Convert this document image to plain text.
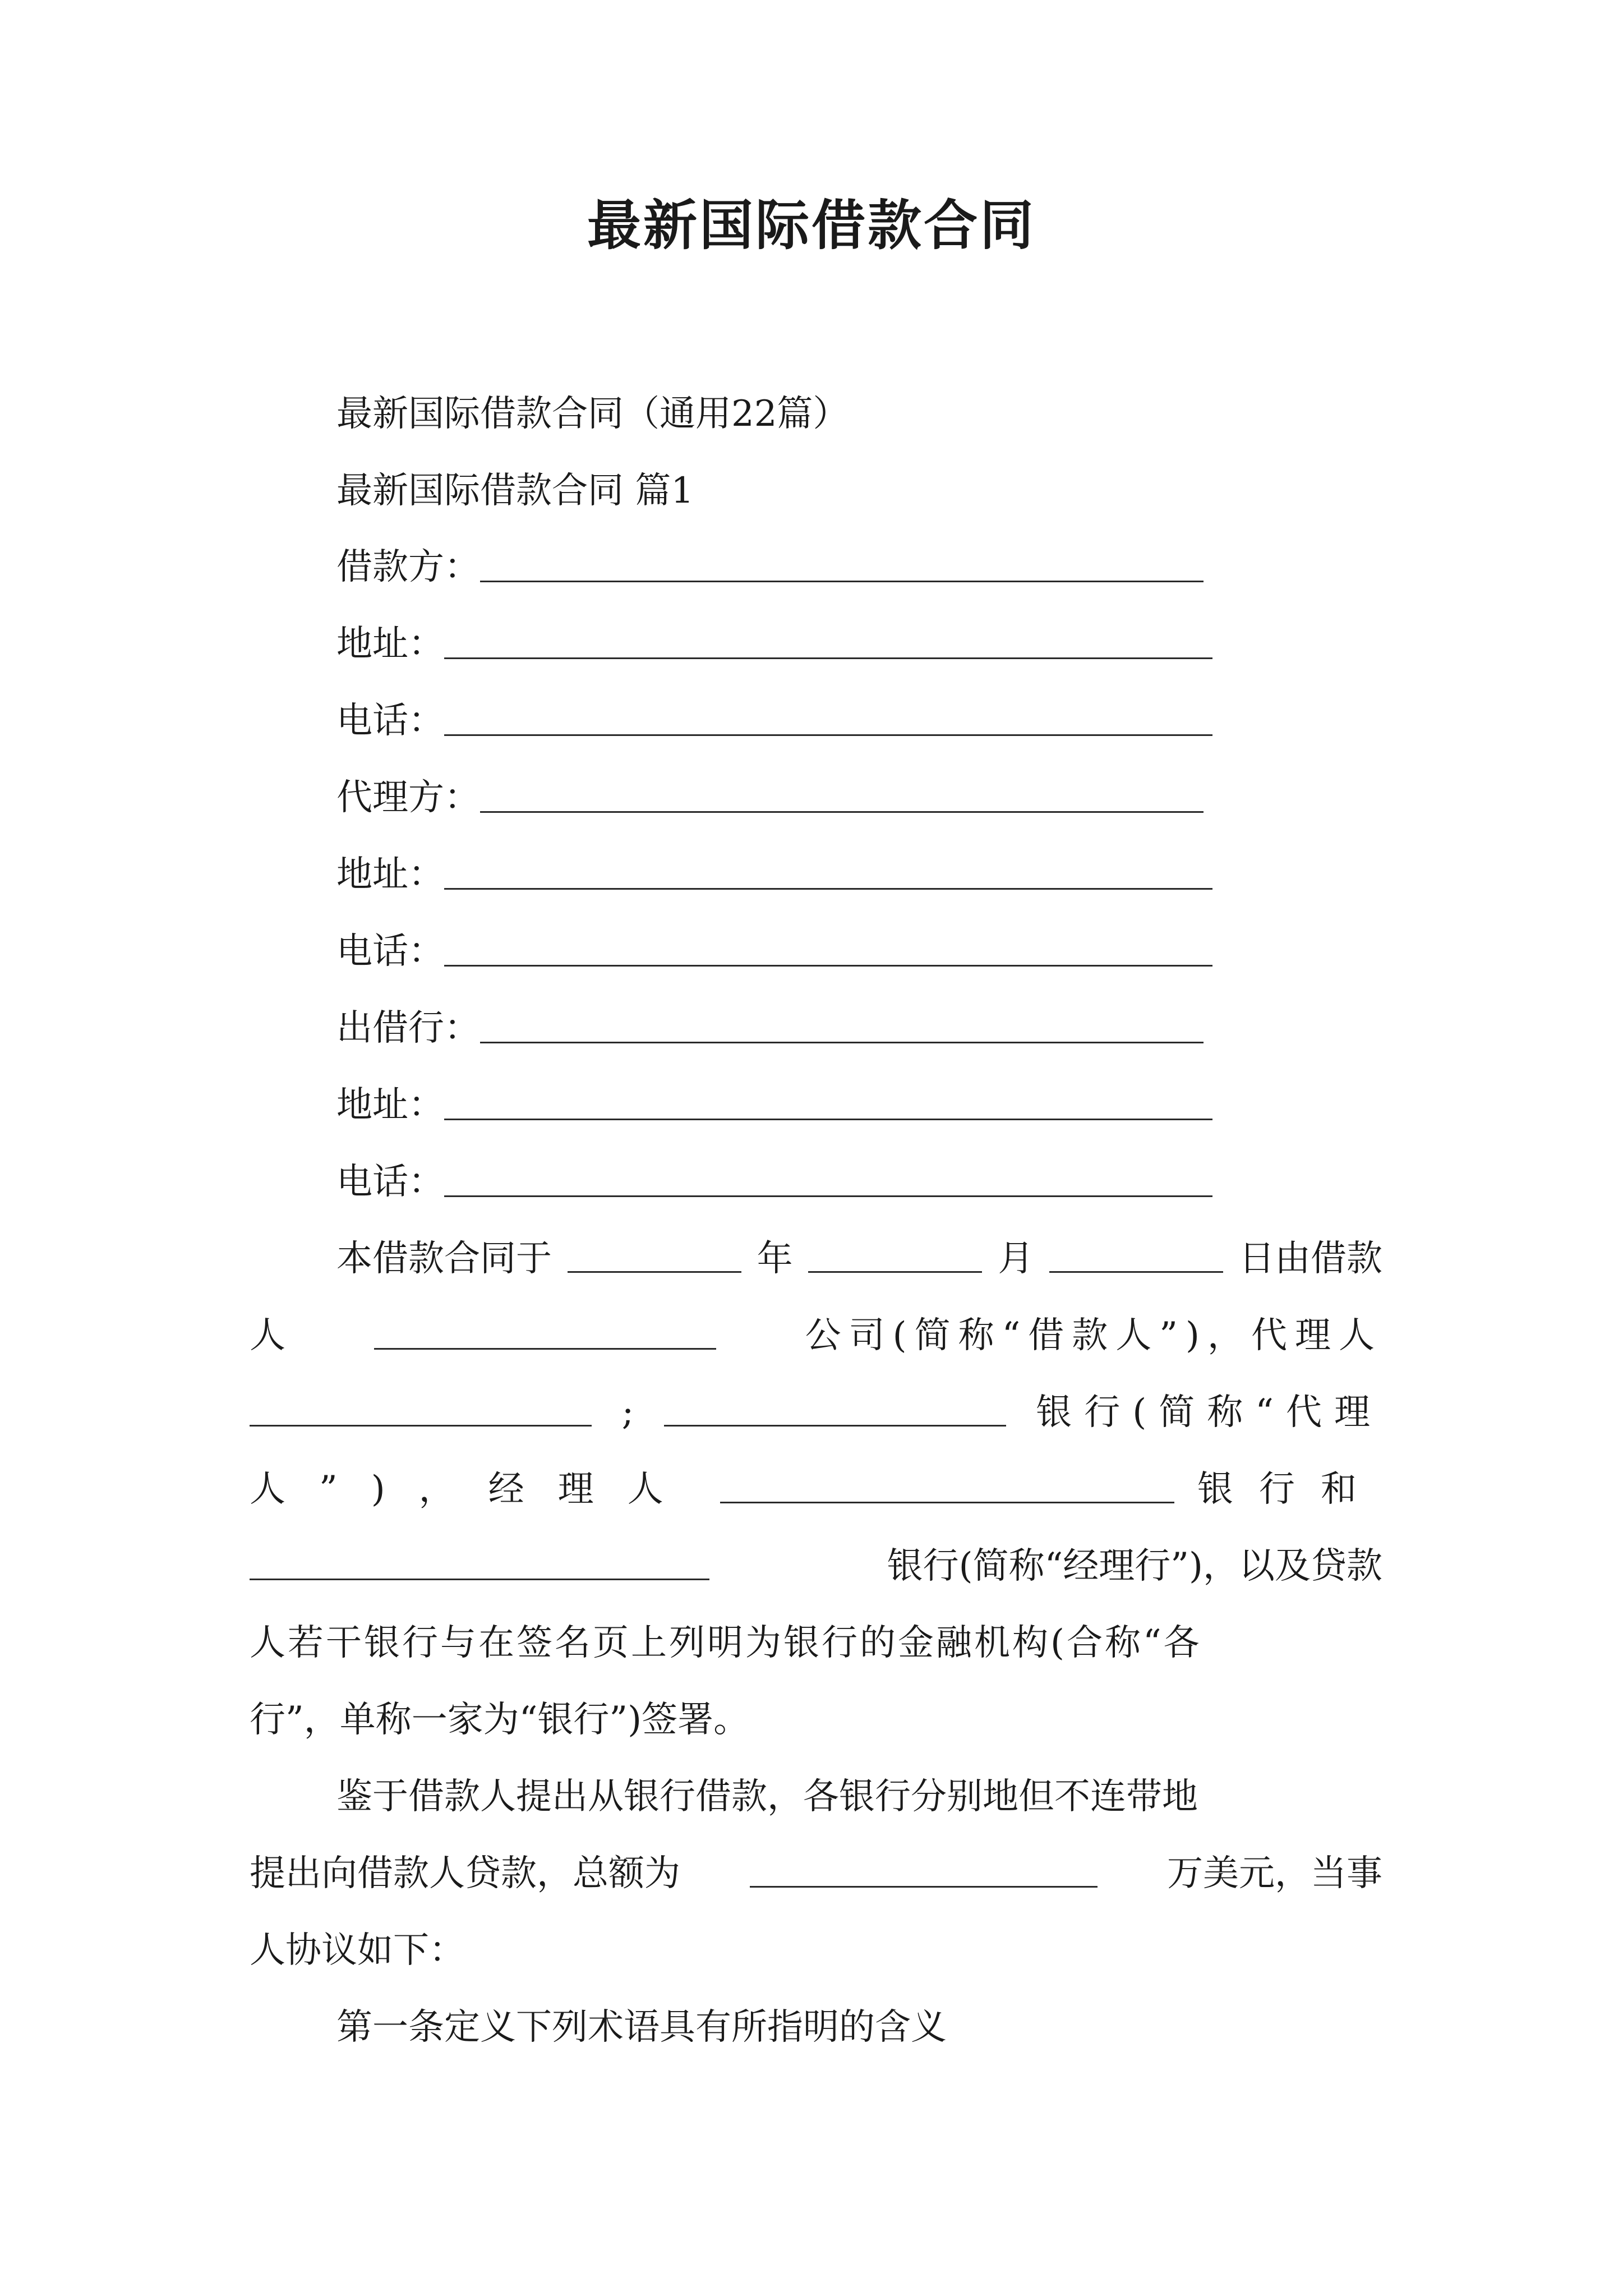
最新国际借款合同
最新国际借款合同（通用22篇）
最新国际借款合同 篇1
借款方：
地址：
电话：
代理方：
地址：
电话：
出借行：
地址：
电话：
本借款合同于	年	月	日由借款
人	公司(简称“借款人”)，代理人
;	银行(简称“代理
人”)，经理人	银行和
银行(简称“经理行”)，以及贷款
人若干银行与在签名页上列明为银行的金融机构(合称“各
行”，单称一家为“银行”)签署。
鉴于借款人提出从银行借款，各银行分别地但不连带地
提出向借款人贷款，总额为	万美元，当事
人协议如下：
第一条定义下列术语具有所指明的含义
